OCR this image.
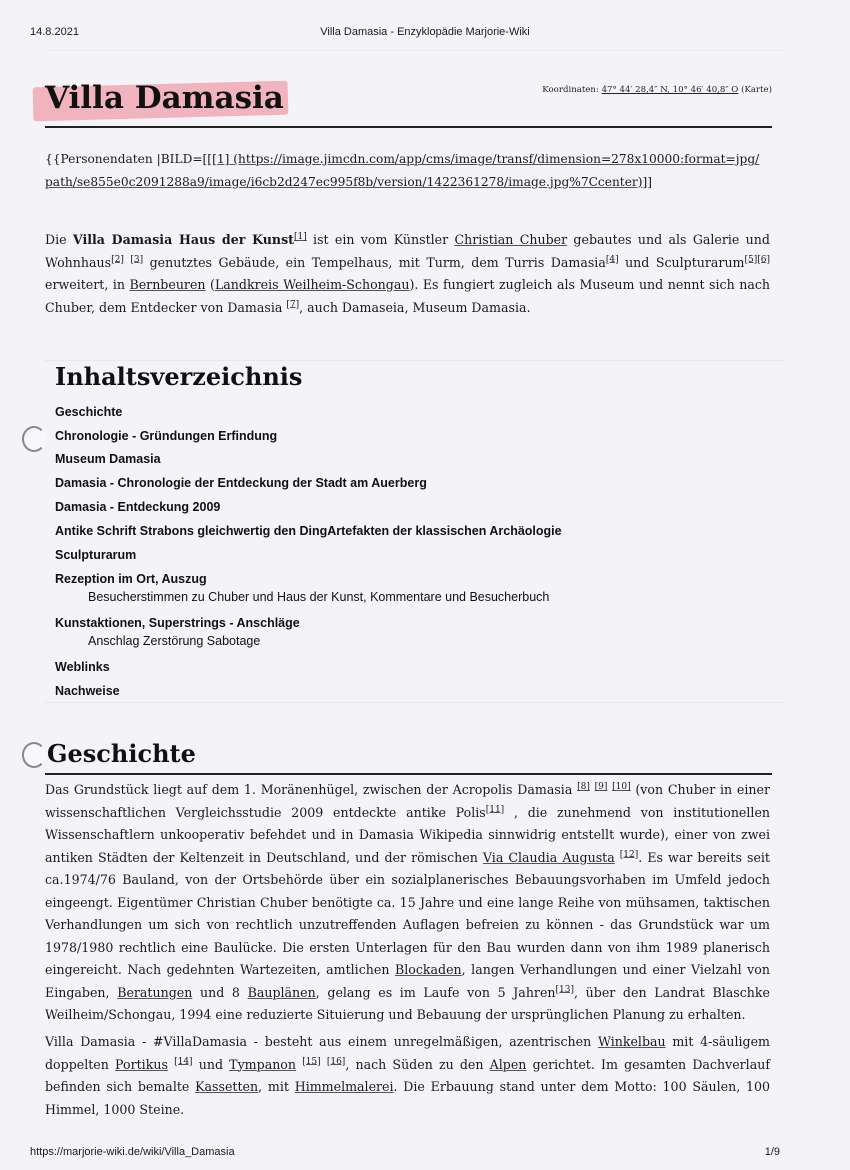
14.8.2021	Villa Damasia - Enzyklopädie Marjorie-Wiki
Villa Damasia	Koordinaten: 47° 44′ 28,4″ N, 10° 46′ 40,8″ O (Karte)
{{Personendaten |BILD=[[[1] (https://image.jimcdn.com/app/cms/image/transf/dimension=278x10000:format=jpg/
path/se855e0c2091288a9/image/i6cb2d247ec995f8b/version/1422361278/image.jpg%7Ccenter)]]
Die Villa Damasia Haus der Kunst[1] ist ein vom Künstler Christian Chuber gebautes und als Galerie und Wohnhaus[2] [3] genutztes Gebäude, ein Tempelhaus, mit Turm, dem Turris Damasia[4] und Sculpturarum[5][6] erweitert, in Bernbeuren (Landkreis Weilheim-Schongau). Es fungiert zugleich als Museum und nennt sich nach Chuber, dem Entdecker von Damasia [7], auch Damaseia, Museum Damasia.
Inhaltsverzeichnis
Geschichte
Chronologie - Gründungen Erfindung
Museum Damasia
Damasia - Chronologie der Entdeckung der Stadt am Auerberg
Damasia - Entdeckung 2009
Antike Schrift Strabons gleichwertig den DingArtefakten der klassischen Archäologie
Sculpturarum
Rezeption im Ort, Auszug
Besucherstimmen zu Chuber und Haus der Kunst, Kommentare und Besucherbuch
Kunstaktionen, Superstrings - Anschläge
Anschlag Zerstörung Sabotage
Weblinks
Nachweise
Geschichte
Das Grundstück liegt auf dem 1. Moränenhügel, zwischen der Acropolis Damasia [8] [9] [10] (von Chuber in einer wissenschaftlichen Vergleichsstudie 2009 entdeckte antike Polis[11] , die zunehmend von institutionellen Wissenschaftlern unkooperativ befehdet und in Damasia Wikipedia sinnwidrig entstellt wurde), einer von zwei antiken Städten der Keltenzeit in Deutschland, und der römischen Via Claudia Augusta [12]. Es war bereits seit ca.1974/76 Bauland, von der Ortsbehörde über ein sozialplanerisches Bebauungsvorhaben im Umfeld jedoch eingeengt. Eigentümer Christian Chuber benötigte ca. 15 Jahre und eine lange Reihe von mühsamen, taktischen Verhandlungen um sich von rechtlich unzutreffenden Auflagen befreien zu können - das Grundstück war um 1978/1980 rechtlich eine Baulücke. Die ersten Unterlagen für den Bau wurden dann von ihm 1989 planerisch eingereicht. Nach gedehnten Wartezeiten, amtlichen Blockaden, langen Verhandlungen und einer Vielzahl von Eingaben, Beratungen und 8 Bauplänen, gelang es im Laufe von 5 Jahren[13], über den Landrat Blaschke Weilheim/Schongau, 1994 eine reduzierte Situierung und Bebauung der ursprünglichen Planung zu erhalten.
Villa Damasia - #VillaDamasia - besteht aus einem unregelmäßigen, azentrischen Winkelbau mit 4-säuligem doppelten Portikus [14] und Tympanon [15] [16], nach Süden zu den Alpen gerichtet. Im gesamten Dachverlauf befinden sich bemalte Kassetten, mit Himmelmalerei. Die Erbauung stand unter dem Motto: 100 Säulen, 100 Himmel, 1000 Steine.
https://marjorie-wiki.de/wiki/Villa_Damasia	1/9
